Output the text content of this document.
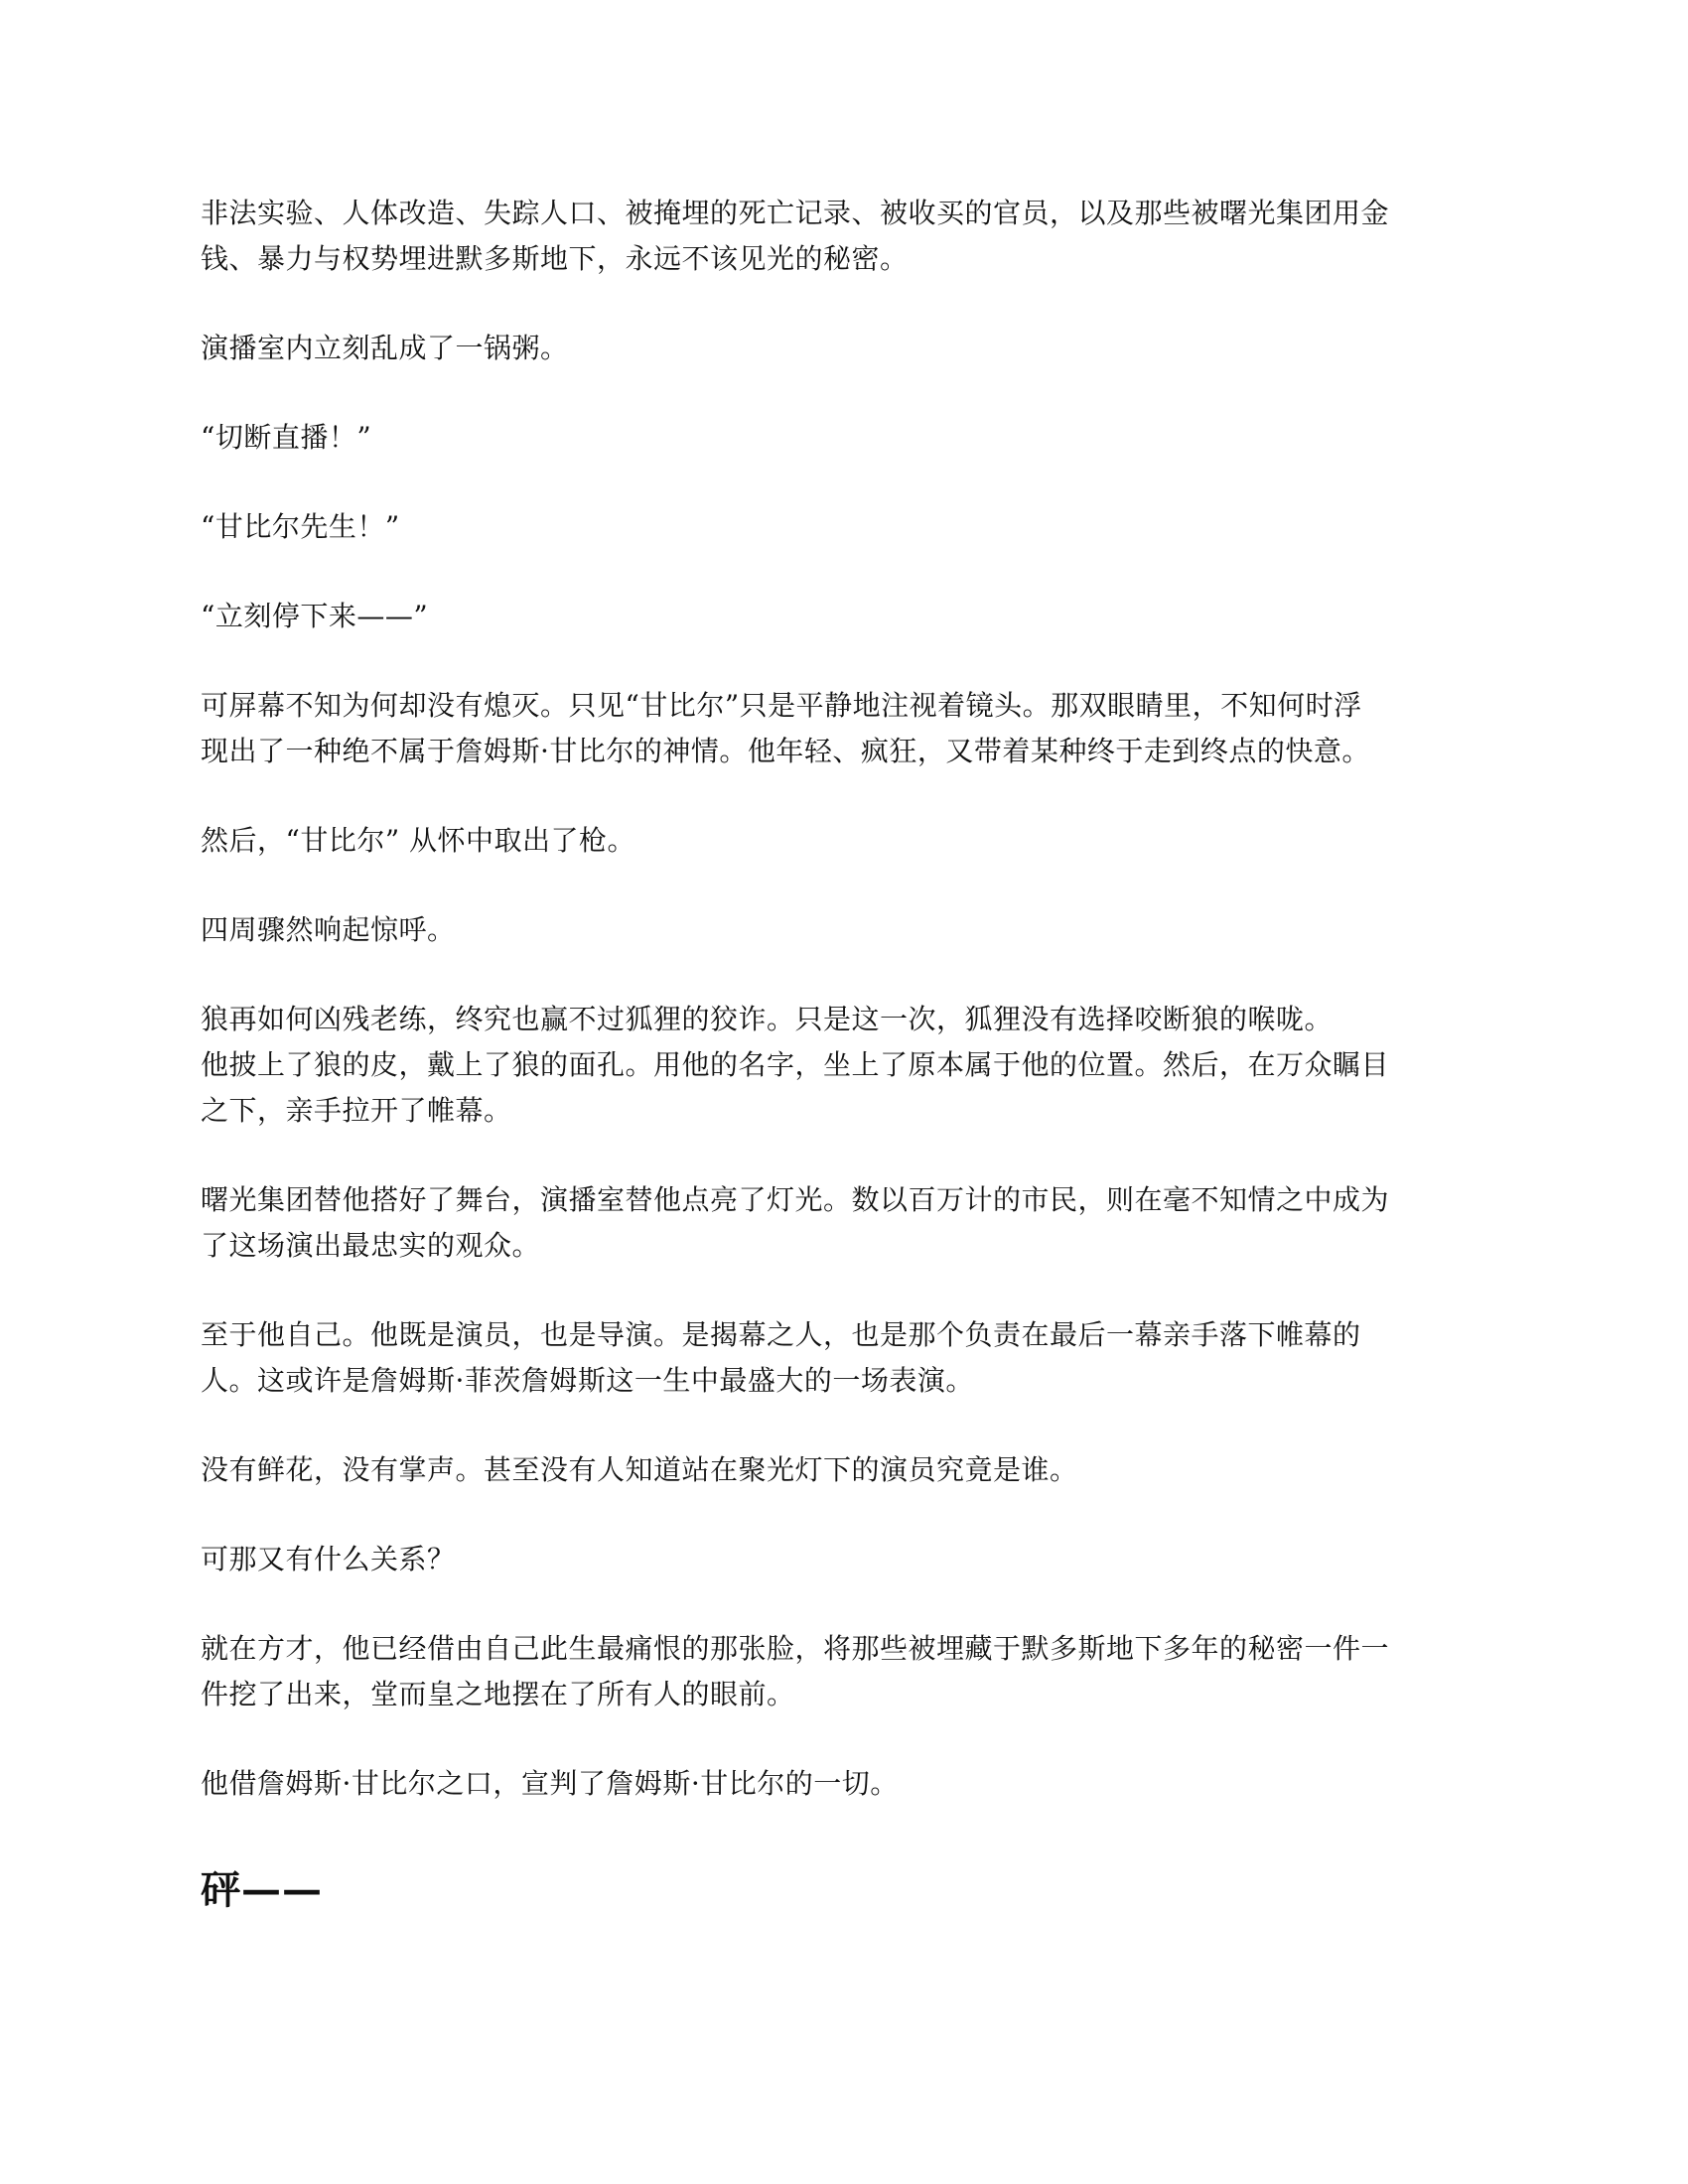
非法实验、人体改造、失踪人口、被掩埋的死亡记录、被收买的官员，以及那些被曙光集团用金
钱、暴力与权势埋进默多斯地下，永远不该见光的秘密。

演播室内立刻乱成了一锅粥。

“切断直播！”

“甘比尔先生！”

“立刻停下来——”

可屏幕不知为何却没有熄灭。只见“甘比尔”只是平静地注视着镜头。那双眼睛里，不知何时浮
现出了一种绝不属于詹姆斯·甘比尔的神情。他年轻、疯狂，又带着某种终于走到终点的快意。

然后，“甘比尔” 从怀中取出了枪。

四周骤然响起惊呼。

狼再如何凶残老练，终究也赢不过狐狸的狡诈。只是这一次，狐狸没有选择咬断狼的喉咙。

他披上了狼的皮，戴上了狼的面孔。用他的名字，坐上了原本属于他的位置。然后，在万众瞩目
之下，亲手拉开了帷幕。

曙光集团替他搭好了舞台，演播室替他点亮了灯光。数以百万计的市民，则在毫不知情之中成为
了这场演出最忠实的观众。

至于他自己。他既是演员，也是导演。是揭幕之人，也是那个负责在最后一幕亲手落下帷幕的
人。这或许是詹姆斯·菲茨詹姆斯这一生中最盛大的一场表演。

没有鲜花，没有掌声。甚至没有人知道站在聚光灯下的演员究竟是谁。

可那又有什么关系？

就在方才，他已经借由自己此生最痛恨的那张脸，将那些被埋藏于默多斯地下多年的秘密一件一
件挖了出来，堂而皇之地摆在了所有人的眼前。

他借詹姆斯·甘比尔之口，宣判了詹姆斯·甘比尔的一切。

砰——
